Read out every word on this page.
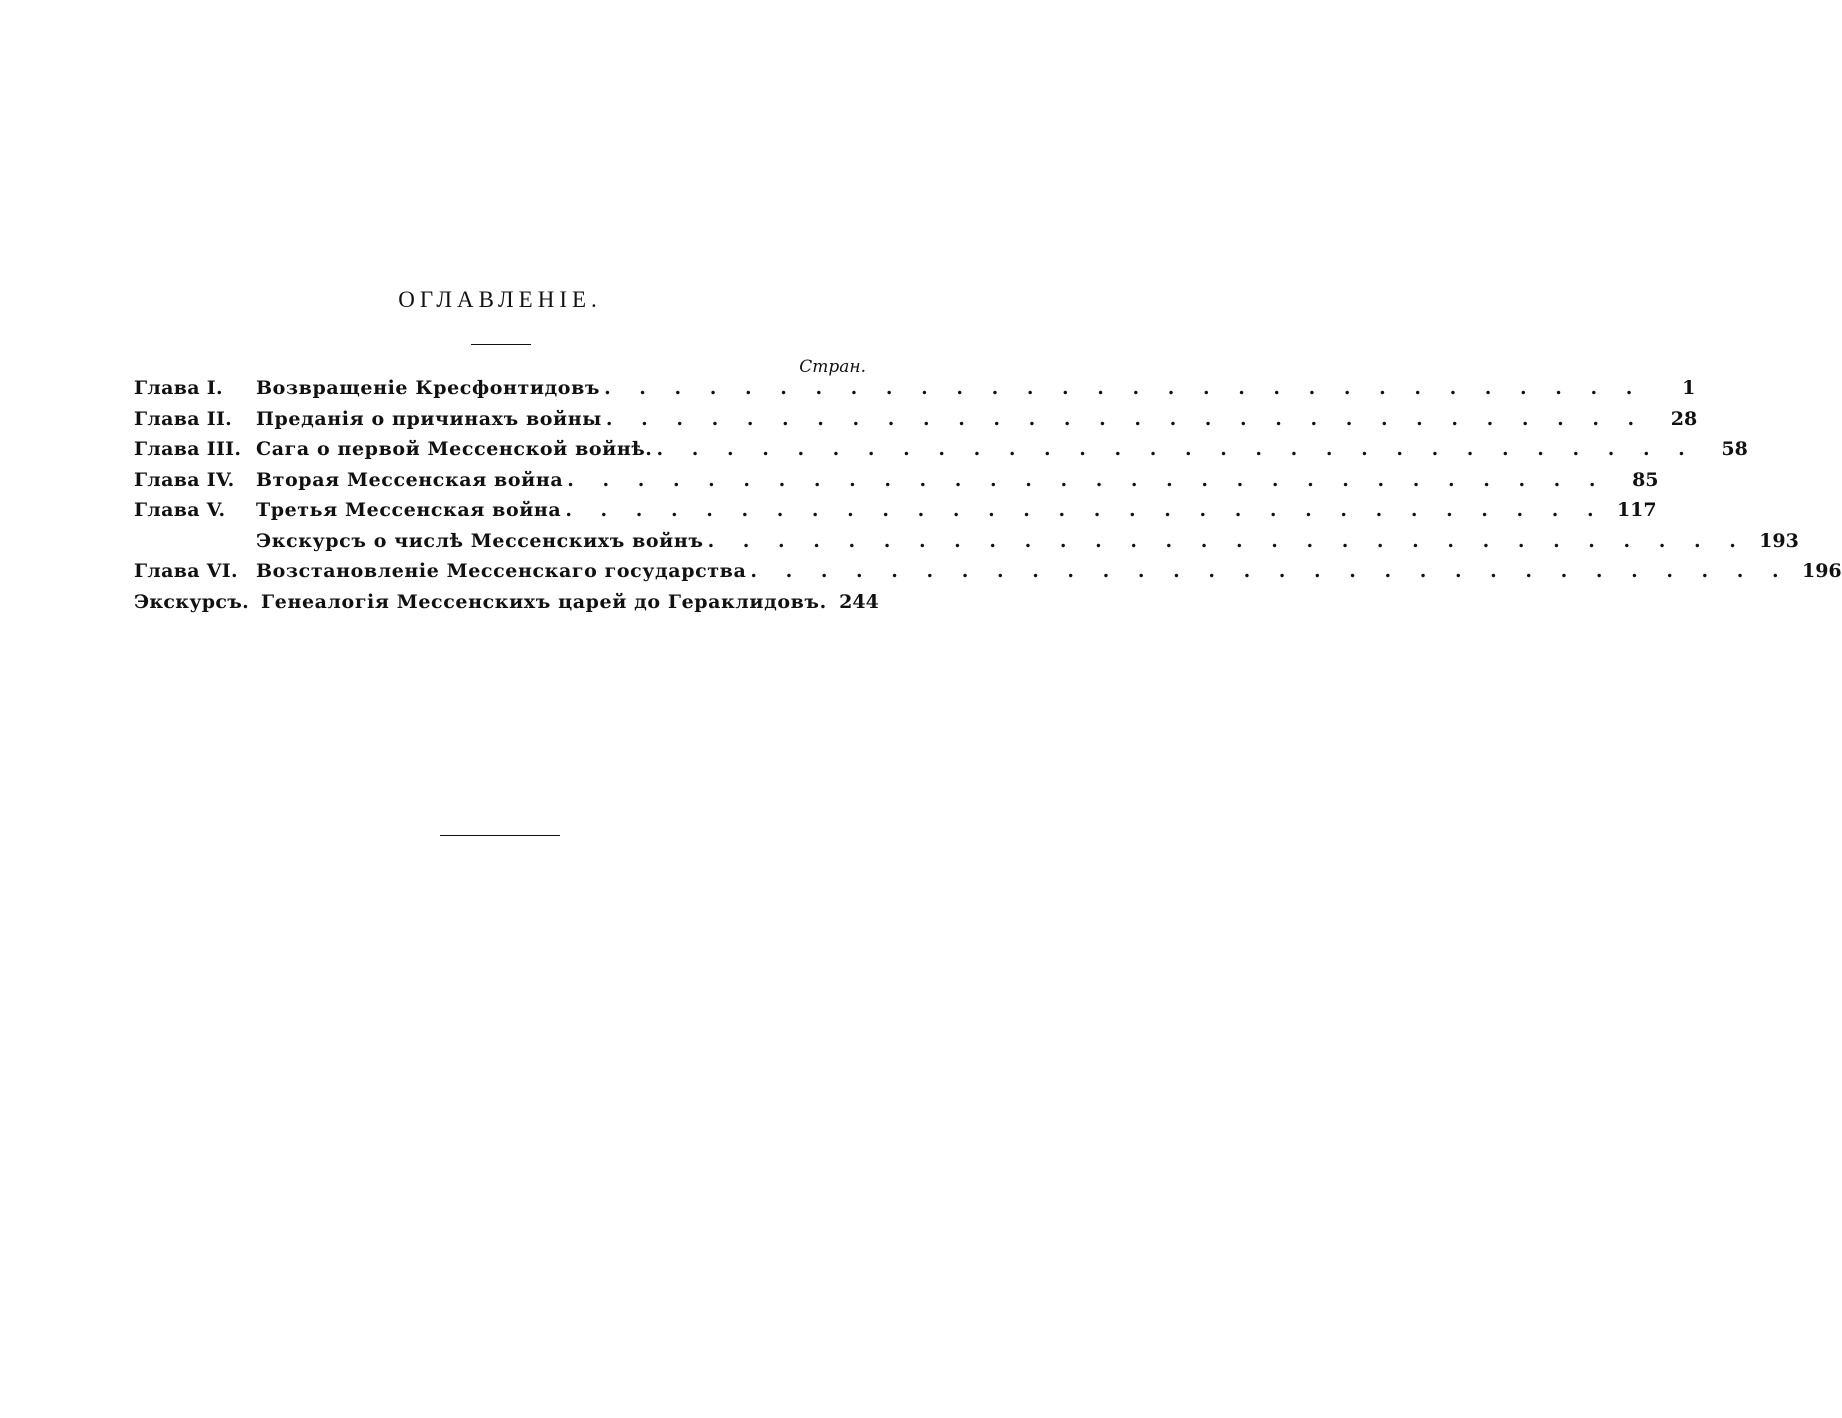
ОГЛАВЛЕНІЕ.
Стран.
Глава I.	Возвращеніе Кресфонтидовъ . . .	1
Глава II.	Преданія о причинахъ войны . . .	28
Глава III. Сага о первой Мессенской войнѣ. . . .	58
Глава IV.	Вторая Мессенская война . . .	85
Глава V.	Третья Мессенская война . . .	117
Экскурсъ о числѣ Мессенскихъ войнъ . . .	193
Глава VI. Возстановленіе Мессенскаго государства . . .	196
Экскурсъ. Генеалогія Мессенскихъ царей до Гераклидовъ. 244
